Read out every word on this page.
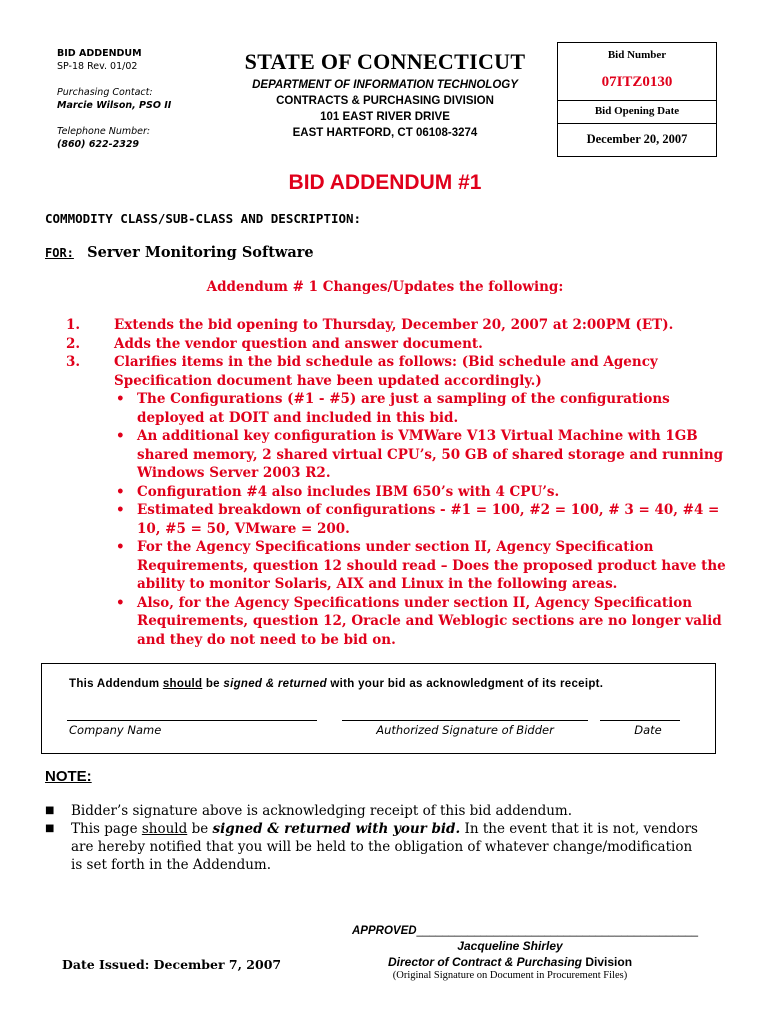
BID ADDENDUM
SP-18 Rev. 01/02
Purchasing Contact:
Marcie Wilson, PSO II
Telephone Number:
(860) 622-2329
STATE OF CONNECTICUT
DEPARTMENT OF INFORMATION TECHNOLOGY
CONTRACTS & PURCHASING DIVISION
101 EAST RIVER DRIVE
EAST HARTFORD, CT 06108-3274
Bid Number
07ITZ0130
Bid Opening Date
December 20, 2007
BID ADDENDUM #1
COMMODITY CLASS/SUB-CLASS AND DESCRIPTION:
FOR: Server Monitoring Software
Addendum # 1 Changes/Updates the following:
1.	Extends the bid opening to Thursday, December 20, 2007 at 2:00PM (ET).
2.	Adds the vendor question and answer document.
3.	Clarifies items in the bid schedule as follows: (Bid schedule and Agency Specification document have been updated accordingly.)
• The Configurations (#1 - #5) are just a sampling of the configurations deployed at DOIT and included in this bid.
• An additional key configuration is VMWare V13 Virtual Machine with 1GB shared memory, 2 shared virtual CPU’s, 50 GB of shared storage and running Windows Server 2003 R2.
• Configuration #4 also includes IBM 650’s with 4 CPU’s.
• Estimated breakdown of configurations - #1 = 100, #2 = 100, # 3 = 40, #4 = 10, #5 = 50, VMware = 200.
• For the Agency Specifications under section II, Agency Specification Requirements, question 12 should read – Does the proposed product have the ability to monitor Solaris, AIX and Linux in the following areas.
• Also, for the Agency Specifications under section II, Agency Specification Requirements, question 12, Oracle and Weblogic sections are no longer valid and they do not need to be bid on.
This Addendum should be signed & returned with your bid as acknowledgment of its receipt.
Company Name	Authorized Signature of Bidder	Date
NOTE:
■ Bidder’s signature above is acknowledging receipt of this bid addendum.
■ This page should be signed & returned with your bid. In the event that it is not, vendors are hereby notified that you will be held to the obligation of whatever change/modification is set forth in the Addendum.
APPROVED____________________________________________
Jacqueline Shirley
Director of Contract & Purchasing Division
(Original Signature on Document in Procurement Files)
Date Issued: December 7, 2007
